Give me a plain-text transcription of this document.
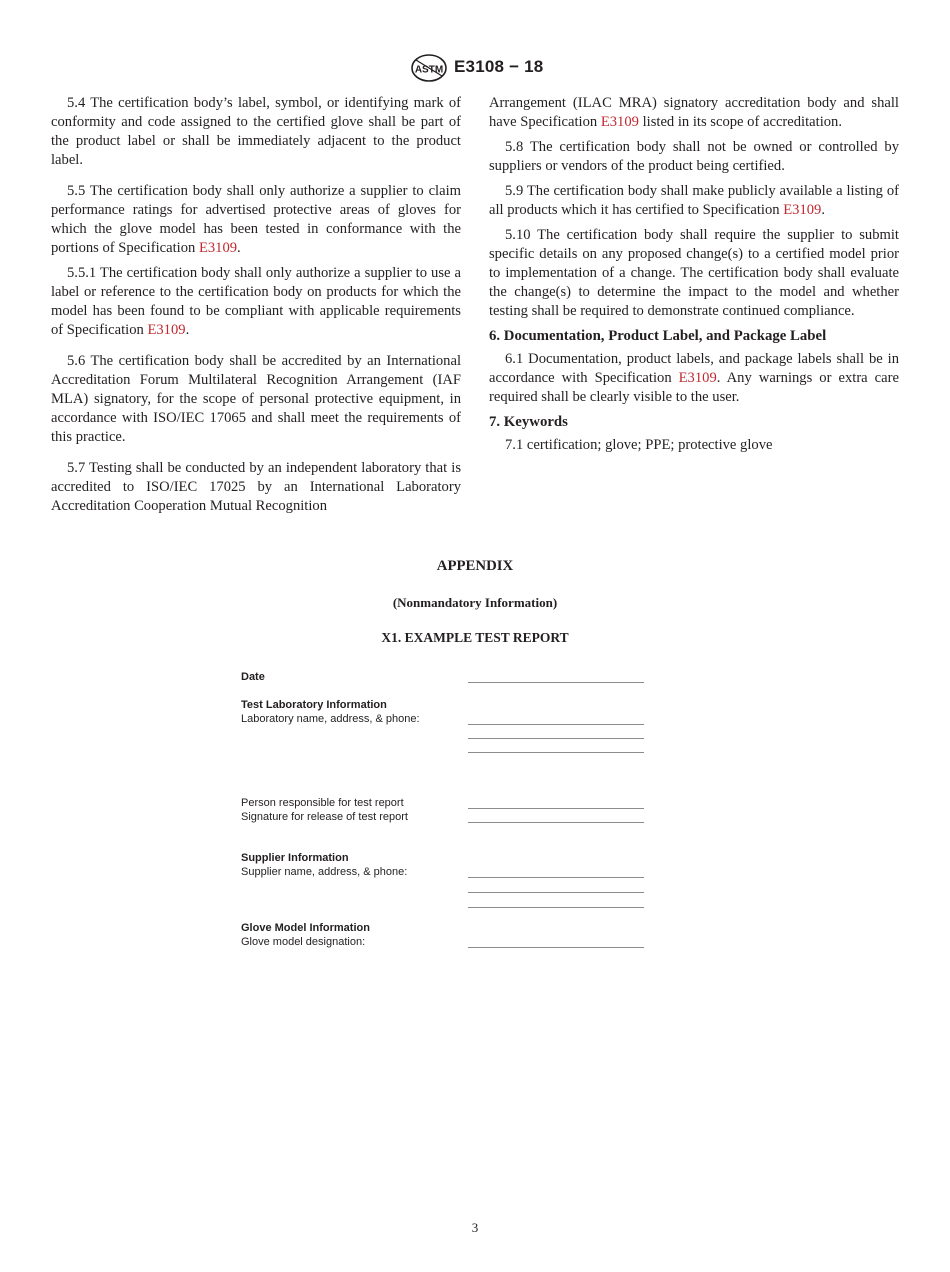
ASTM E3108 − 18

5.4 The certification body’s label, symbol, or identifying mark of conformity and code assigned to the certified glove shall be part of the product label or shall be immediately adjacent to the product label.

5.5 The certification body shall only authorize a supplier to claim performance ratings for advertised protective areas of gloves for which the glove model has been tested in conformance with the portions of Specification E3109.

5.5.1 The certification body shall only authorize a supplier to use a label or reference to the certification body on products for which the model has been found to be compliant with applicable requirements of Specification E3109.

5.6 The certification body shall be accredited by an International Accreditation Forum Multilateral Recognition Arrangement (IAF MLA) signatory, for the scope of personal protective equipment, in accordance with ISO/IEC 17065 and shall meet the requirements of this practice.

5.7 Testing shall be conducted by an independent laboratory that is accredited to ISO/IEC 17025 by an International Laboratory Accreditation Cooperation Mutual Recognition

Arrangement (ILAC MRA) signatory accreditation body and shall have Specification E3109 listed in its scope of accreditation.

5.8 The certification body shall not be owned or controlled by suppliers or vendors of the product being certified.

5.9 The certification body shall make publicly available a listing of all products which it has certified to Specification E3109.

5.10 The certification body shall require the supplier to submit specific details on any proposed change(s) to a certified model prior to implementation of a change. The certification body shall evaluate the change(s) to determine the impact to the model and whether testing shall be required to demonstrate continued compliance.

6. Documentation, Product Label, and Package Label

6.1 Documentation, product labels, and package labels shall be in accordance with Specification E3109. Any warnings or extra care required shall be clearly visible to the user.

7. Keywords

7.1 certification; glove; PPE; protective glove

APPENDIX
(Nonmandatory Information)
X1. EXAMPLE TEST REPORT
Date
Test Laboratory Information
Laboratory name, address, & phone:
Person responsible for test report
Signature for release of test report
Supplier Information
Supplier name, address, & phone:
Glove Model Information
Glove model designation:
3
